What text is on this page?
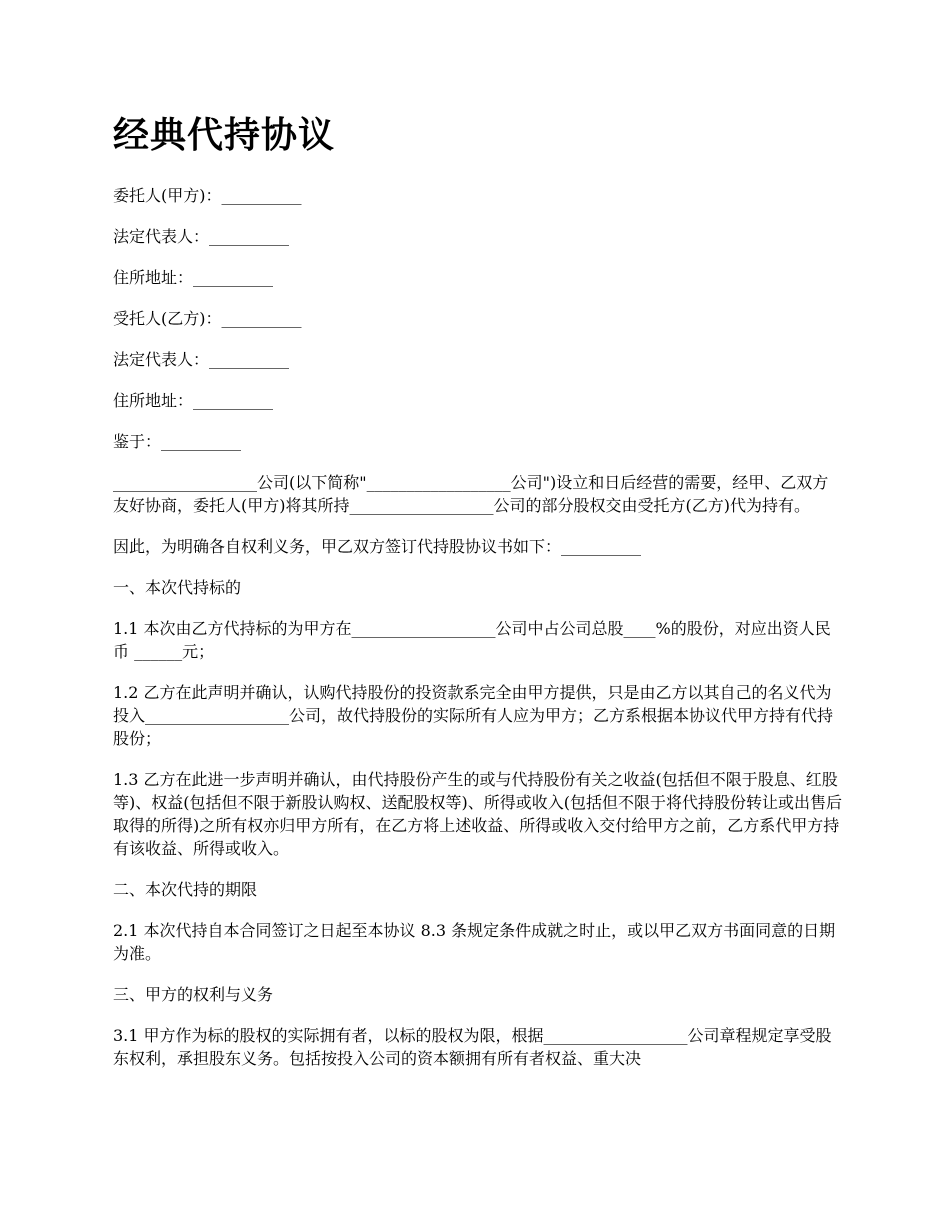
经典代持协议

委托人(甲方)：__________

法定代表人：__________

住所地址：__________

受托人(乙方)：__________

法定代表人：__________

住所地址：__________

鉴于：__________

__________________公司(以下简称"__________________公司")设立和日后经营的需要，经甲、乙双方友好协商，委托人(甲方)将其所持__________________公司的部分股权交由受托方(乙方)代为持有。

因此，为明确各自权利义务，甲乙双方签订代持股协议书如下：__________

一、本次代持标的

1.1 本次由乙方代持标的为甲方在__________________公司中占公司总股____%的股份，对应出资人民币 ______元；

1.2 乙方在此声明并确认，认购代持股份的投资款系完全由甲方提供，只是由乙方以其自己的名义代为投入__________________公司，故代持股份的实际所有人应为甲方；乙方系根据本协议代甲方持有代持股份；

1.3 乙方在此进一步声明并确认，由代持股份产生的或与代持股份有关之收益(包括但不限于股息、红股等)、权益(包括但不限于新股认购权、送配股权等)、所得或收入(包括但不限于将代持股份转让或出售后取得的所得)之所有权亦归甲方所有，在乙方将上述收益、所得或收入交付给甲方之前，乙方系代甲方持有该收益、所得或收入。

二、本次代持的期限

2.1 本次代持自本合同签订之日起至本协议 8.3 条规定条件成就之时止，或以甲乙双方书面同意的日期为准。

三、甲方的权利与义务

3.1 甲方作为标的股权的实际拥有者，以标的股权为限，根据__________________公司章程规定享受股东权利，承担股东义务。包括按投入公司的资本额拥有所有者权益、重大决
